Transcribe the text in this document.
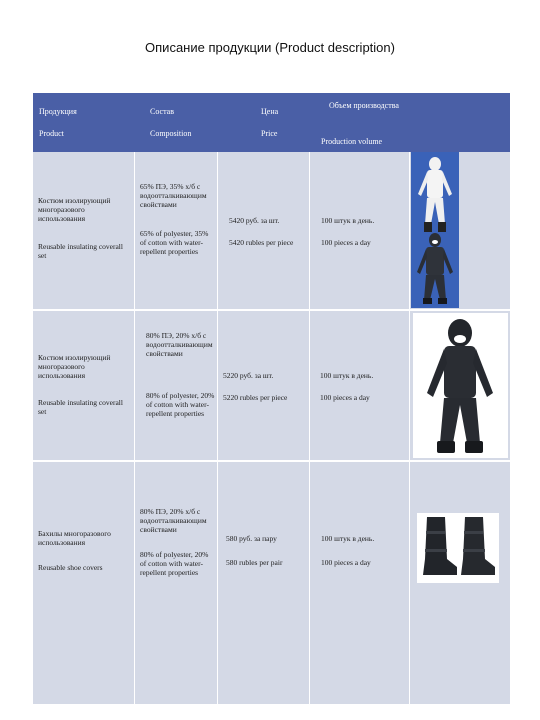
Описание продукции (Product description)
Продукция
Product
Состав
Composition
Цена
Price
Объем производства
Production volume
Костюм изолирующий многоразового использования
Reusable insulating coverall set
65% ПЭ, 35% х/б с водоотталкивающим свойствами
65% of polyester, 35% of cotton with water-repellent properties
5420 руб. за шт.
5420 rubles per piece
100 штук в день.
100 pieces a day
Костюм изолирующий многоразового использования
Reusable insulating coverall set
80% ПЭ, 20% х/б с водоотталкивающим свойствами
80% of polyester, 20% of cotton with water-repellent properties
5220 руб. за шт.
5220 rubles per piece
100 штук в день.
100 pieces a day
Бахилы многоразового использования
Reusable shoe covers
80% ПЭ, 20% х/б с водоотталкивающим свойствами
80% of polyester, 20% of cotton with water-repellent properties
580 руб. за пару
580 rubles per pair
100 штук в день.
100 pieces a day
